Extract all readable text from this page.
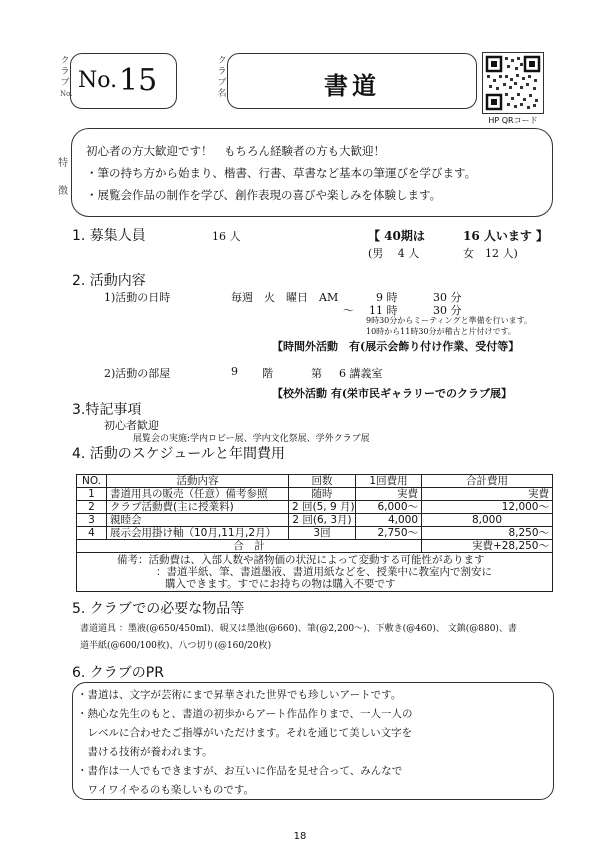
ク
ラ
ブ
No.
No. 15
ク
ラ
ブ
名	書道
HP QRコード
特
徴
初心者の方大歓迎です！　もちろん経験者の方も大歓迎！
・筆の持ち方から始まり、楷書、行書、草書など基本の筆運びを学びます。
・展覧会作品の制作を学び、創作表現の喜びや楽しみを体験します。
1. 募集人員	16 人	【 40期は	16 人います 】
(男　 4 人	女　12 人)
2. 活動内容
1)活動の日時	毎週　火　曜日　AM	9 時	30 分
～ 11 時	30 分
9時30分からミーティングと準備を行います。
10時から11時30分が稽古と片付けです。
【時間外活動　有(展示会飾り付け作業、受付等】
2)活動の部屋	9 階	第 6 講義室
【校外活動 有(栄市民ギャラリーでのクラブ展】
3.特記事項
初心者歓迎
展覧会の実施:学内ロビー展、学内文化祭展、学外クラブ展
4. 活動のスケジュールと年間費用
NO.	活動内容	回数	1回費用	合計費用
1	書道用具の販売（任意）備考参照	随時	実費	実費
2	クラブ活動費(主に授業料)	2 回(5, 9 月)	6,000～	12,000～
3	親睦会	2 回(6, 3月)	4,000	8,000
4	展示会用掛け軸（10月,11月,2月）	3回	2,750～	8,250～
合　計				実費+28,250～

備考：活動費は、入部人数や諸物価の状況によって変動する可能性があります
：書道半紙、筆、書道墨液、書道用紙などを、授業中に教室内で割安に
購入できます。すでにお持ちの物は購入不要です				
5. クラブでの必要な物品等
書道道具 ：墨液(@650/450ml)、硯又は墨池(@660)、筆(@2,200～)、下敷き(@460)、 文鎮(@880)、書
道半紙(@600/100枚)、八つ切り(@160/20枚)
6. クラブのPR
・書道は、文字が芸術にまで昇華された世界でも珍しいアートです。
・熱心な先生のもと、書道の初歩からアート作品作りまで、一人一人の
　レベルに合わせたご指導がいただけます。それを通じて美しい文字を
　書ける技術が養われます。
・書作は一人でもできますが、お互いに作品を見せ合って、みんなで
　ワイワイやるのも楽しいものです。
18
